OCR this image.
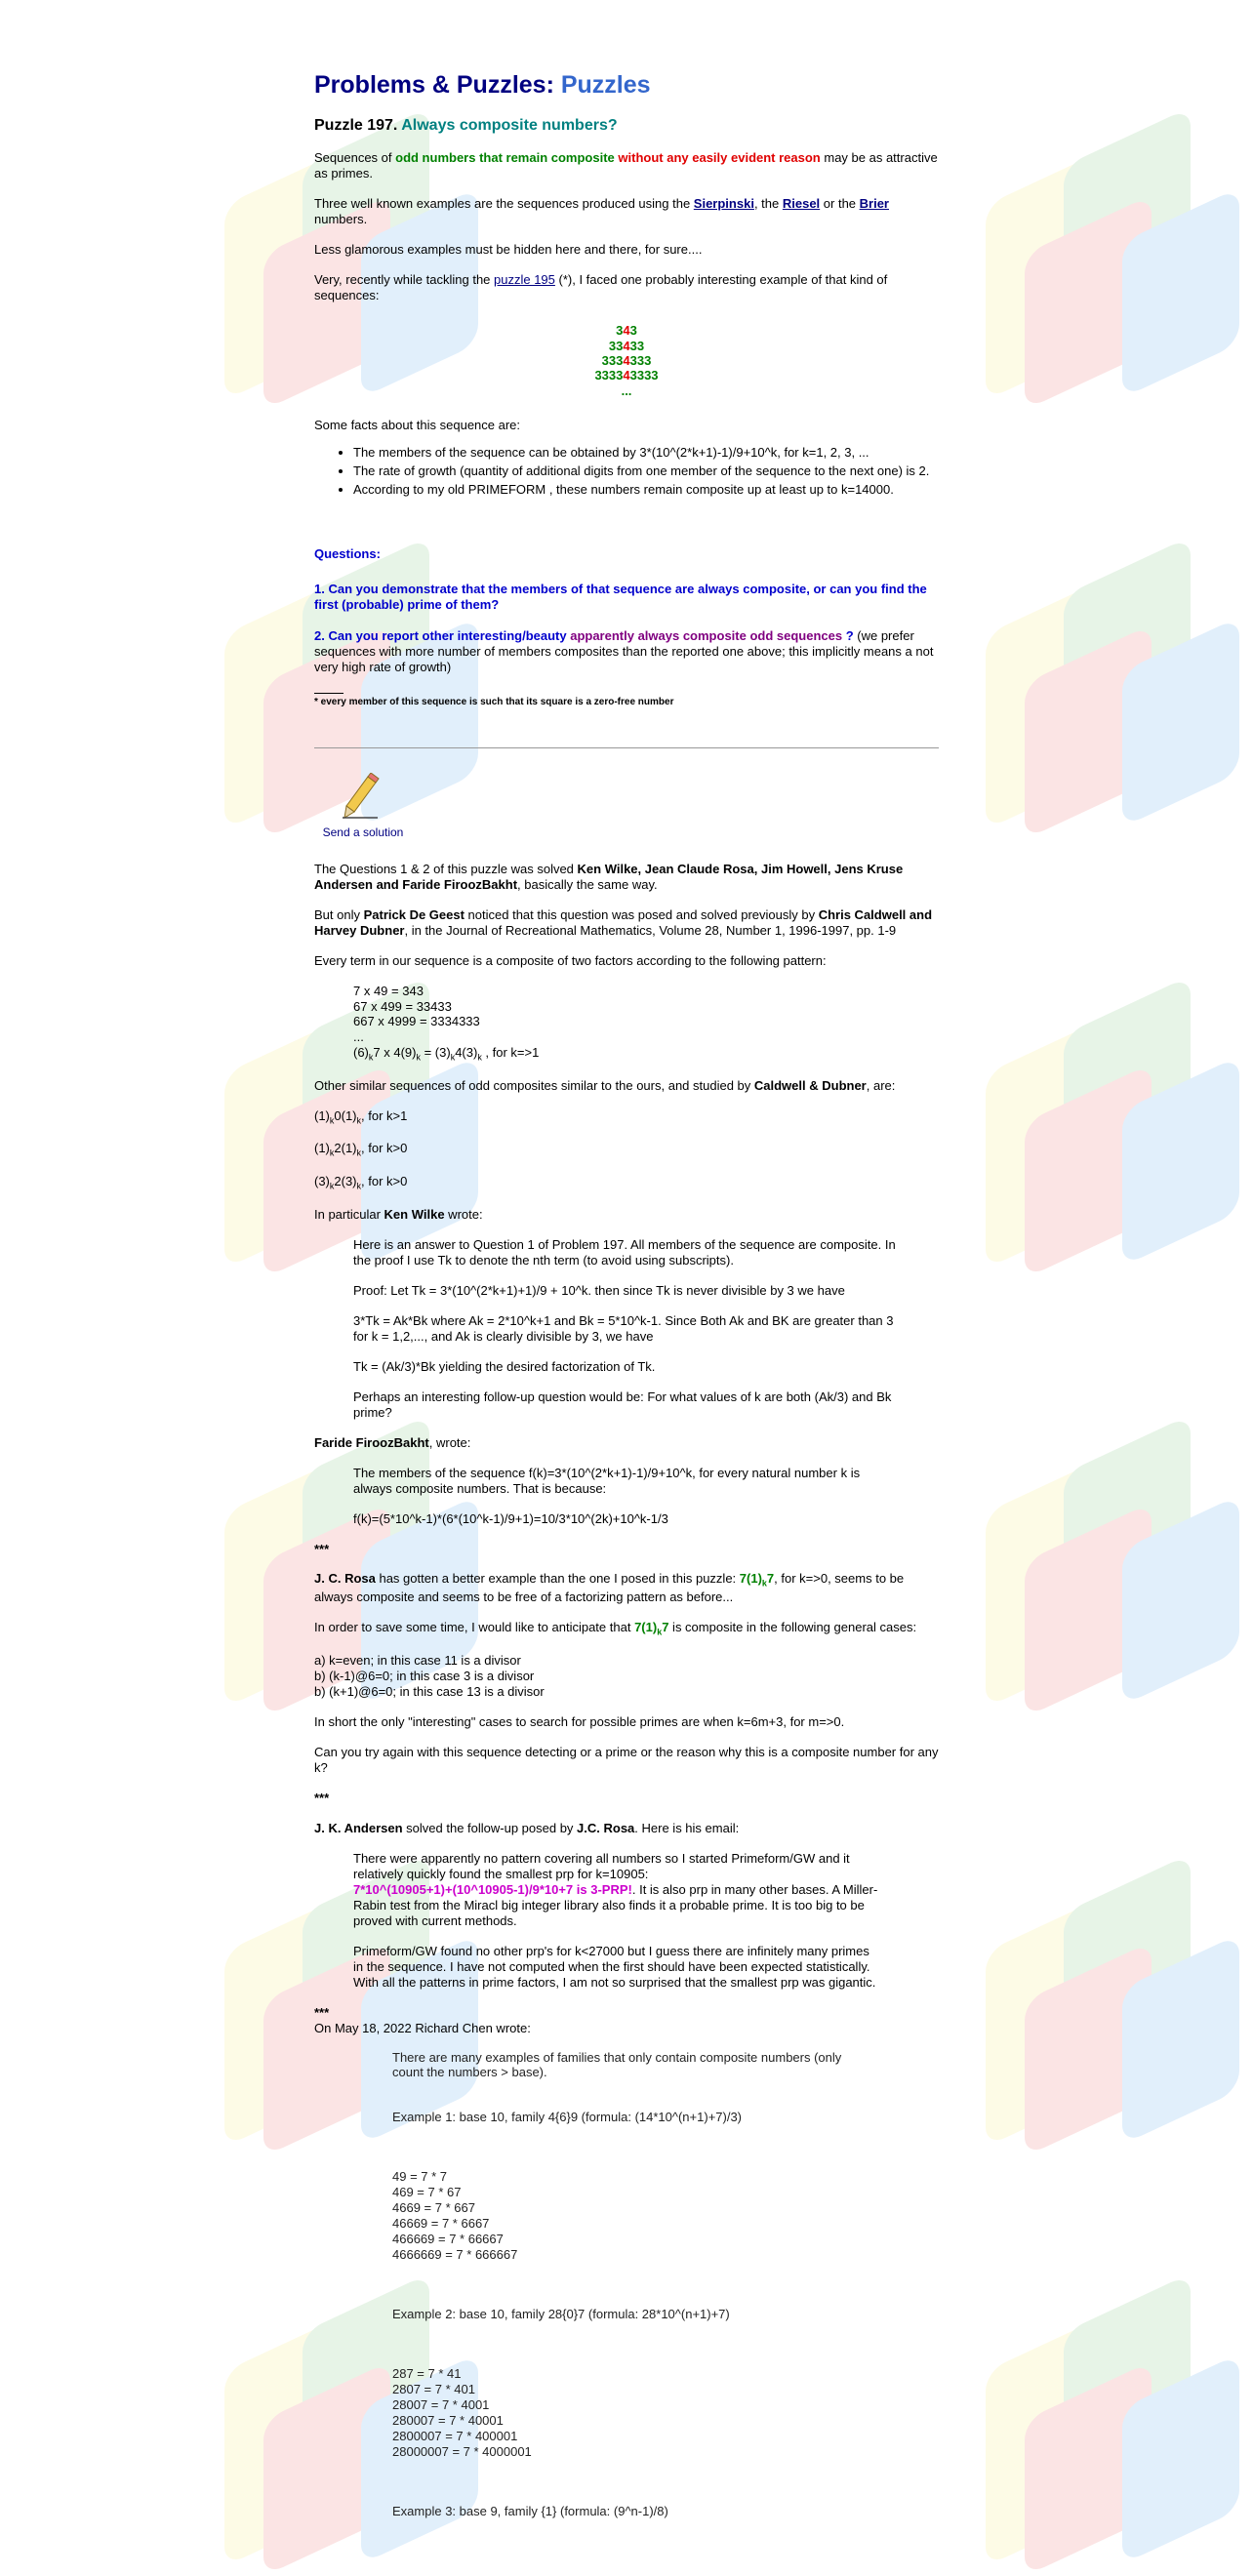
Problems & Puzzles: Puzzles
Puzzle 197. Always composite numbers?

Sequences of odd numbers that remain composite without any easily evident reason may be as attractive as primes.

Three well known examples are the sequences produced using the Sierpinski, the Riesel or the Brier numbers.

Less glamorous examples must be hidden here and there, for sure....

Very, recently while tackling the puzzle 195 (*), I faced one probably interesting example of that kind of sequences:

343
33433
3334333
333343333
...

Some facts about this sequence are:

• The members of the sequence can be obtained by 3*(10^(2*k+1)-1)/9+10^k, for k=1, 2, 3, ...
• The rate of growth (quantity of additional digits from one member of the sequence to the next one) is 2.
• According to my old PRIMEFORM , these numbers remain composite up at least up to k=14000.

Questions:

1. Can you demonstrate that the members of that sequence are always composite, or can you find the first (probable) prime of them?

2. Can you report other interesting/beauty apparently always composite odd sequences ? (we prefer sequences with more number of members composites than the reported one above; this implicitly means a not very high rate of growth)

* every member of this sequence is such that its square is a zero-free number
Send a solution

The Questions 1 & 2 of this puzzle was solved Ken Wilke, Jean Claude Rosa, Jim Howell, Jens Kruse Andersen and Faride FiroozBakht, basically the same way.

But only Patrick De Geest noticed that this question was posed and solved previously by Chris Caldwell and Harvey Dubner, in the Journal of Recreational Mathematics, Volume 28, Number 1, 1996-1997, pp. 1-9

Every term in our sequence is a composite of two factors according to the following pattern:

7 x 49 = 343
67 x 499 = 33433
667 x 4999 = 3334333
...
$(6)_k7$ x $4(9)_k = (3)_k4(3)_k$ , for k=>1

Other similar sequences of odd composites similar to the ours, and studied by Caldwell & Dubner, are:

$(1)_k0(1)_k$, for k>1

$(1)_k2(1)_k$, for k>0

$(3)_k2(3)_k$, for k>0

In particular Ken Wilke wrote:

Here is an answer to Question 1 of Problem 197. All members of the sequence are composite. In the proof I use Tk to denote the nth term (to avoid using subscripts).

Proof: Let Tk = 3*(10^(2*k+1)+1)/9 + 10^k. then since Tk is never divisible by 3 we have

3*Tk = Ak*Bk where Ak = 2*10^k+1 and Bk = 5*10^k-1. Since Both Ak and BK are greater than 3 for k = 1,2,..., and Ak is clearly divisible by 3, we have

Tk = (Ak/3)*Bk yielding the desired factorization of Tk.

Perhaps an interesting follow-up question would be: For what values of k are both (Ak/3) and Bk prime?

Faride FiroozBakht, wrote:

The members of the sequence f(k)=3*(10^(2*k+1)-1)/9+10^k, for every natural number k is always composite numbers. That is because:

f(k)=(5*10^k-1)*(6*(10^k-1)/9+1)=10/3*10^(2k)+10^k-1/3

***

J. C. Rosa has gotten a better example than the one I posed in this puzzle: $7(1)_k7$, for k=>0, seems to be always composite and seems to be free of a factorizing pattern as before...

In order to save some time, I would like to anticipate that $7(1)_k7$ is composite in the following general cases:

a) k=even; in this case 11 is a divisor
b) (k-1)@6=0; in this case 3 is a divisor
b) (k+1)@6=0; in this case 13 is a divisor

In short the only "interesting" cases to search for possible primes are when k=6m+3, for m=>0.

Can you try again with this sequence detecting or a prime or the reason why this is a composite number for any k?

***

J. K. Andersen solved the follow-up posed by J.C. Rosa. Here is his email:

There were apparently no pattern covering all numbers so I started Primeform/GW and it relatively quickly found the smallest prp for k=10905:
7*10^(10905+1)+(10^10905-1)/9*10+7 is 3-PRP!. It is also prp in many other bases. A Miller-Rabin test from the Miracl big integer library also finds it a probable prime. It is too big to be proved with current methods.

Primeform/GW found no other prp's for k<27000 but I guess there are infinitely many primes in the sequence. I have not computed when the first should have been expected statistically. With all the patterns in prime factors, I am not so surprised that the smallest prp was gigantic.

***

On May 18, 2022 Richard Chen wrote:

There are many examples of families that only contain composite numbers (only count the numbers > base).

Example 1: base 10, family 4{6}9 (formula: (14*10^(n+1)+7)/3)

49 = 7 * 7
469 = 7 * 67
4669 = 7 * 667
46669 = 7 * 6667
466669 = 7 * 66667
4666669 = 7 * 666667

Example 2: base 10, family 28{0}7 (formula: 28*10^(n+1)+7)

287 = 7 * 41
2807 = 7 * 401
28007 = 7 * 4001
280007 = 7 * 40001
2800007 = 7 * 400001
28000007 = 7 * 4000001

Example 3: base 9, family {1} (formula: (9^n-1)/8)
